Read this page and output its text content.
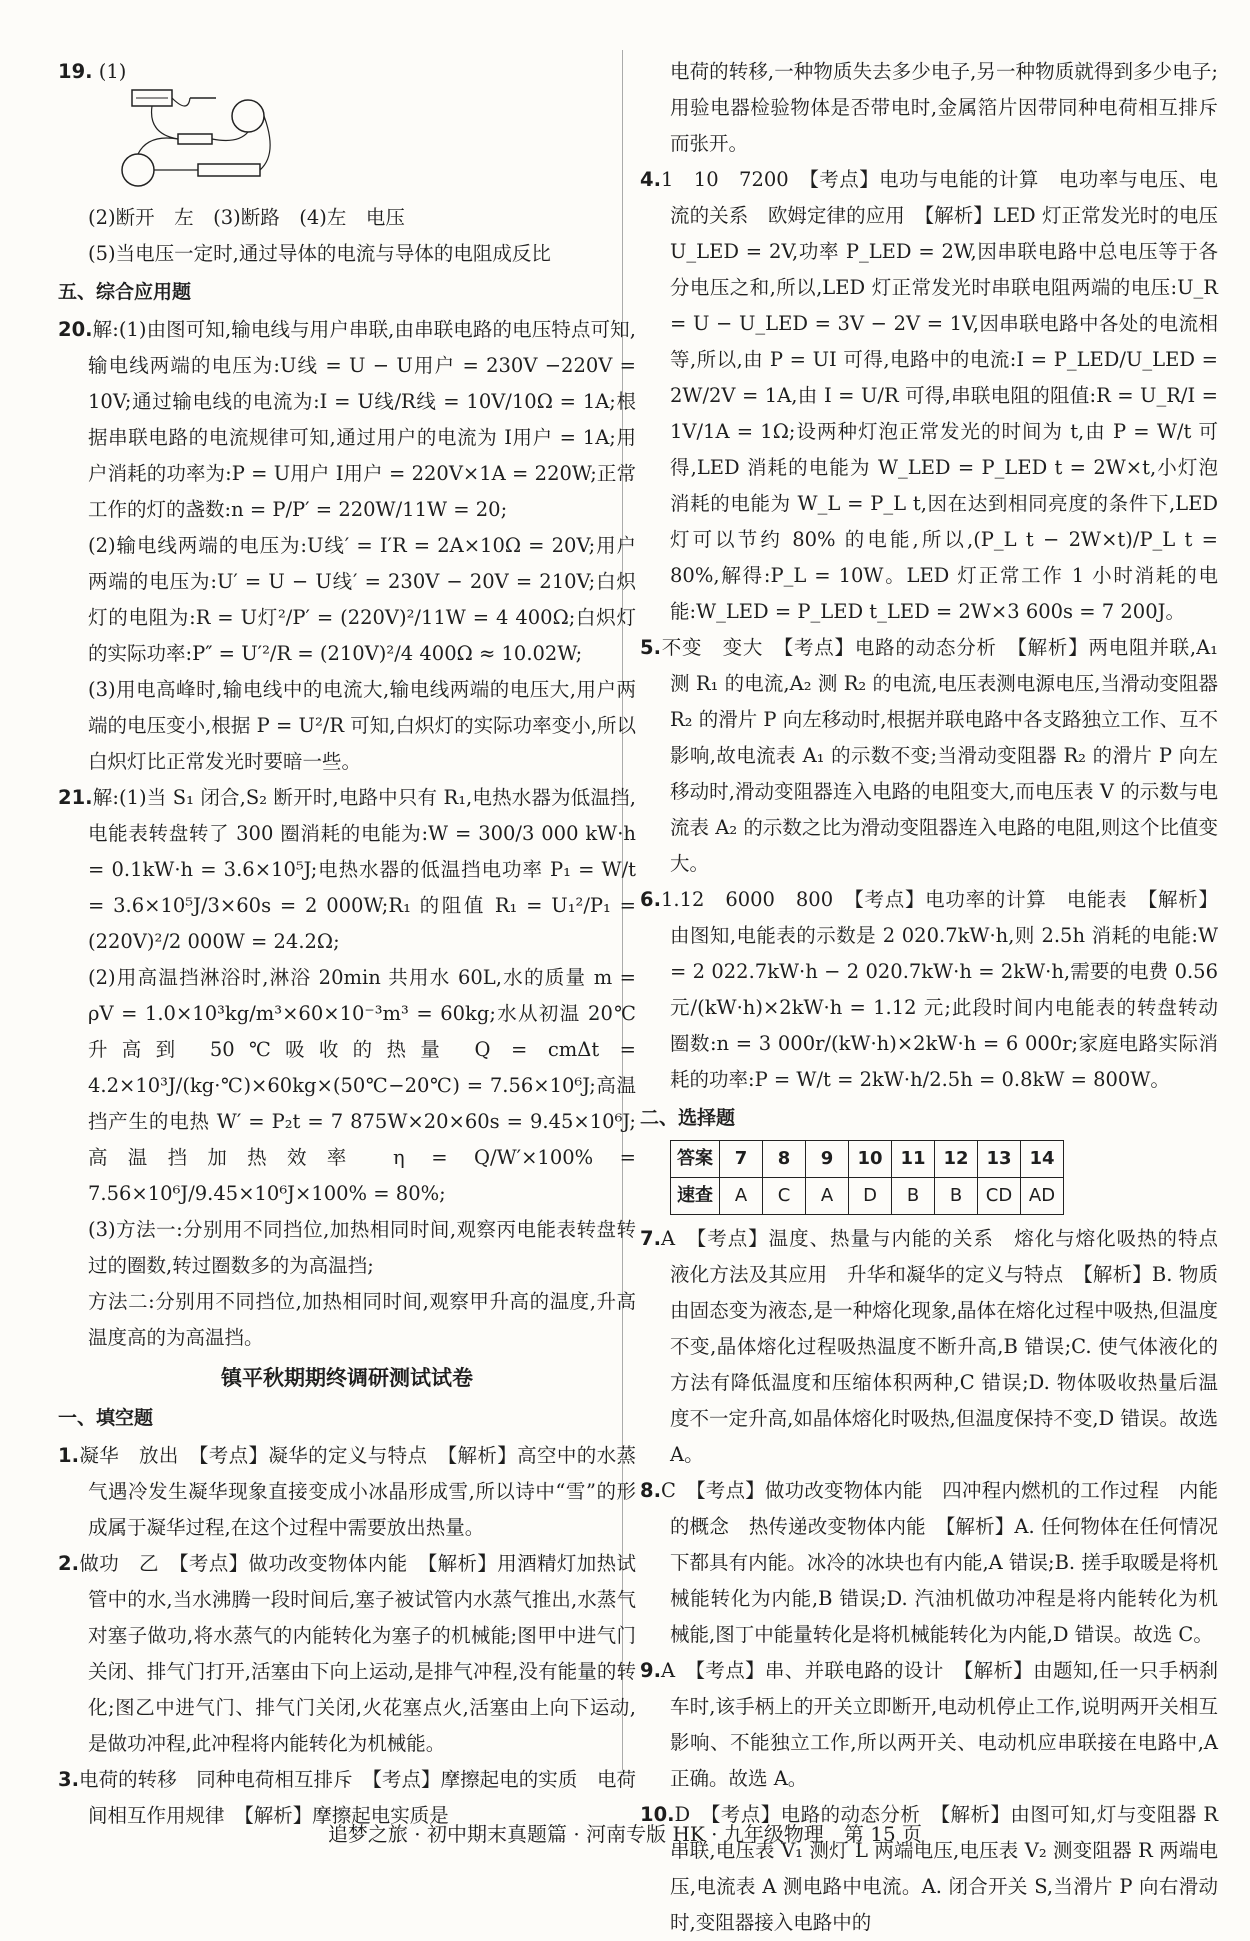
19. (1)

(2)断开　左　(3)断路　(4)左　电压

(5)当电压一定时,通过导体的电流与导体的电阻成反比

五、综合应用题

20.解:(1)由图可知,输电线与用户串联,由串联电路的电压特点可知,输电线两端的电压为:U线 = U − U用户 = 230V −220V = 10V;通过输电线的电流为:I = U线/R线 = 10V/10Ω = 1A;根据串联电路的电流规律可知,通过用户的电流为 I用户 = 1A;用户消耗的功率为:P = U用户 I用户 = 220V×1A = 220W;正常工作的灯的盏数:n = P/P′ = 220W/11W = 20;

(2)输电线两端的电压为:U线′ = I′R = 2A×10Ω = 20V;用户两端的电压为:U′ = U − U线′ = 230V − 20V = 210V;白炽灯的电阻为:R = U灯²/P′ = (220V)²/11W = 4 400Ω;白炽灯的实际功率:P″ = U′²/R = (210V)²/4 400Ω ≈ 10.02W;

(3)用电高峰时,输电线中的电流大,输电线两端的电压大,用户两端的电压变小,根据 P = U²/R 可知,白炽灯的实际功率变小,所以白炽灯比正常发光时要暗一些。

21.解:(1)当 S₁ 闭合,S₂ 断开时,电路中只有 R₁,电热水器为低温挡,电能表转盘转了 300 圈消耗的电能为:W = 300/3 000 kW·h = 0.1kW·h = 3.6×10⁵J;电热水器的低温挡电功率 P₁ = W/t = 3.6×10⁵J/3×60s = 2 000W;R₁ 的阻值 R₁ = U₁²/P₁ = (220V)²/2 000W = 24.2Ω;

(2)用高温挡淋浴时,淋浴 20min 共用水 60L,水的质量 m = ρV = 1.0×10³kg/m³×60×10⁻³m³ = 60kg;水从初温 20℃升高到 50℃吸收的热量 Q = cmΔt = 4.2×10³J/(kg·℃)×60kg×(50℃−20℃) = 7.56×10⁶J;高温挡产生的电热 W′ = P₂t = 7 875W×20×60s = 9.45×10⁶J;高温挡加热效率 η = Q/W′×100% = 7.56×10⁶J/9.45×10⁶J×100% = 80%;

(3)方法一:分别用不同挡位,加热相同时间,观察丙电能表转盘转过的圈数,转过圈数多的为高温挡;

方法二:分别用不同挡位,加热相同时间,观察甲升高的温度,升高温度高的为高温挡。

镇平秋期期终调研测试试卷

一、填空题

1.凝华　放出　【考点】凝华的定义与特点　【解析】高空中的水蒸气遇冷发生凝华现象直接变成小冰晶形成雪,所以诗中“雪”的形成属于凝华过程,在这个过程中需要放出热量。

2.做功　乙　【考点】做功改变物体内能　【解析】用酒精灯加热试管中的水,当水沸腾一段时间后,塞子被试管内水蒸气推出,水蒸气对塞子做功,将水蒸气的内能转化为塞子的机械能;图甲中进气门关闭、排气门打开,活塞由下向上运动,是排气冲程,没有能量的转化;图乙中进气门、排气门关闭,火花塞点火,活塞由上向下运动,是做功冲程,此冲程将内能转化为机械能。

3.电荷的转移　同种电荷相互排斥　【考点】摩擦起电的实质　电荷间相互作用规律　【解析】摩擦起电实质是

电荷的转移,一种物质失去多少电子,另一种物质就得到多少电子;用验电器检验物体是否带电时,金属箔片因带同种电荷相互排斥而张开。

4.1　10　7200　【考点】电功与电能的计算　电功率与电压、电流的关系　欧姆定律的应用　【解析】LED 灯正常发光时的电压 U_LED = 2V,功率 P_LED = 2W,因串联电路中总电压等于各分电压之和,所以,LED 灯正常发光时串联电阻两端的电压:U_R = U − U_LED = 3V − 2V = 1V,因串联电路中各处的电流相等,所以,由 P = UI 可得,电路中的电流:I = P_LED/U_LED = 2W/2V = 1A,由 I = U/R 可得,串联电阻的阻值:R = U_R/I = 1V/1A = 1Ω;设两种灯泡正常发光的时间为 t,由 P = W/t 可得,LED 消耗的电能为 W_LED = P_LED t = 2W×t,小灯泡消耗的电能为 W_L = P_L t,因在达到相同亮度的条件下,LED 灯可以节约 80% 的电能,所以,(P_L t − 2W×t)/P_L t = 80%,解得:P_L = 10W。LED 灯正常工作 1 小时消耗的电能:W_LED = P_LED t_LED = 2W×3 600s = 7 200J。

5.不变　变大　【考点】电路的动态分析　【解析】两电阻并联,A₁ 测 R₁ 的电流,A₂ 测 R₂ 的电流,电压表测电源电压,当滑动变阻器 R₂ 的滑片 P 向左移动时,根据并联电路中各支路独立工作、互不影响,故电流表 A₁ 的示数不变;当滑动变阻器 R₂ 的滑片 P 向左移动时,滑动变阻器连入电路的电阻变大,而电压表 V 的示数与电流表 A₂ 的示数之比为滑动变阻器连入电路的电阻,则这个比值变大。

6.1.12　6000　800　【考点】电功率的计算　电能表　【解析】由图知,电能表的示数是 2 020.7kW·h,则 2.5h 消耗的电能:W = 2 022.7kW·h − 2 020.7kW·h = 2kW·h,需要的电费 0.56 元/(kW·h)×2kW·h = 1.12 元;此段时间内电能表的转盘转动圈数:n = 3 000r/(kW·h)×2kW·h = 6 000r;家庭电路实际消耗的功率:P = W/t = 2kW·h/2.5h = 0.8kW = 800W。

二、选择题

答案	7	8	9	10	11	12	13	14
速查	A	C	A	D	B	B	CD	AD

7.A　【考点】温度、热量与内能的关系　熔化与熔化吸热的特点　液化方法及其应用　升华和凝华的定义与特点　【解析】B. 物质由固态变为液态,是一种熔化现象,晶体在熔化过程中吸热,但温度不变,晶体熔化过程吸热温度不断升高,B 错误;C. 使气体液化的方法有降低温度和压缩体积两种,C 错误;D. 物体吸收热量后温度不一定升高,如晶体熔化时吸热,但温度保持不变,D 错误。故选 A。

8.C　【考点】做功改变物体内能　四冲程内燃机的工作过程　内能的概念　热传递改变物体内能　【解析】A. 任何物体在任何情况下都具有内能。冰冷的冰块也有内能,A 错误;B. 搓手取暖是将机械能转化为内能,B 错误;D. 汽油机做功冲程是将内能转化为机械能,图丁中能量转化是将机械能转化为内能,D 错误。故选 C。

9.A　【考点】串、并联电路的设计　【解析】由题知,任一只手柄刹车时,该手柄上的开关立即断开,电动机停止工作,说明两开关相互影响、不能独立工作,所以两开关、电动机应串联接在电路中,A 正确。故选 A。

10.D　【考点】电路的动态分析　【解析】由图可知,灯与变阻器 R 串联,电压表 V₁ 测灯 L 两端电压,电压表 V₂ 测变阻器 R 两端电压,电流表 A 测电路中电流。A. 闭合开关 S,当滑片 P 向右滑动时,变阻器接入电路中的

追梦之旅 · 初中期末真题篇 · 河南专版 HK · 九年级物理　第 15 页
